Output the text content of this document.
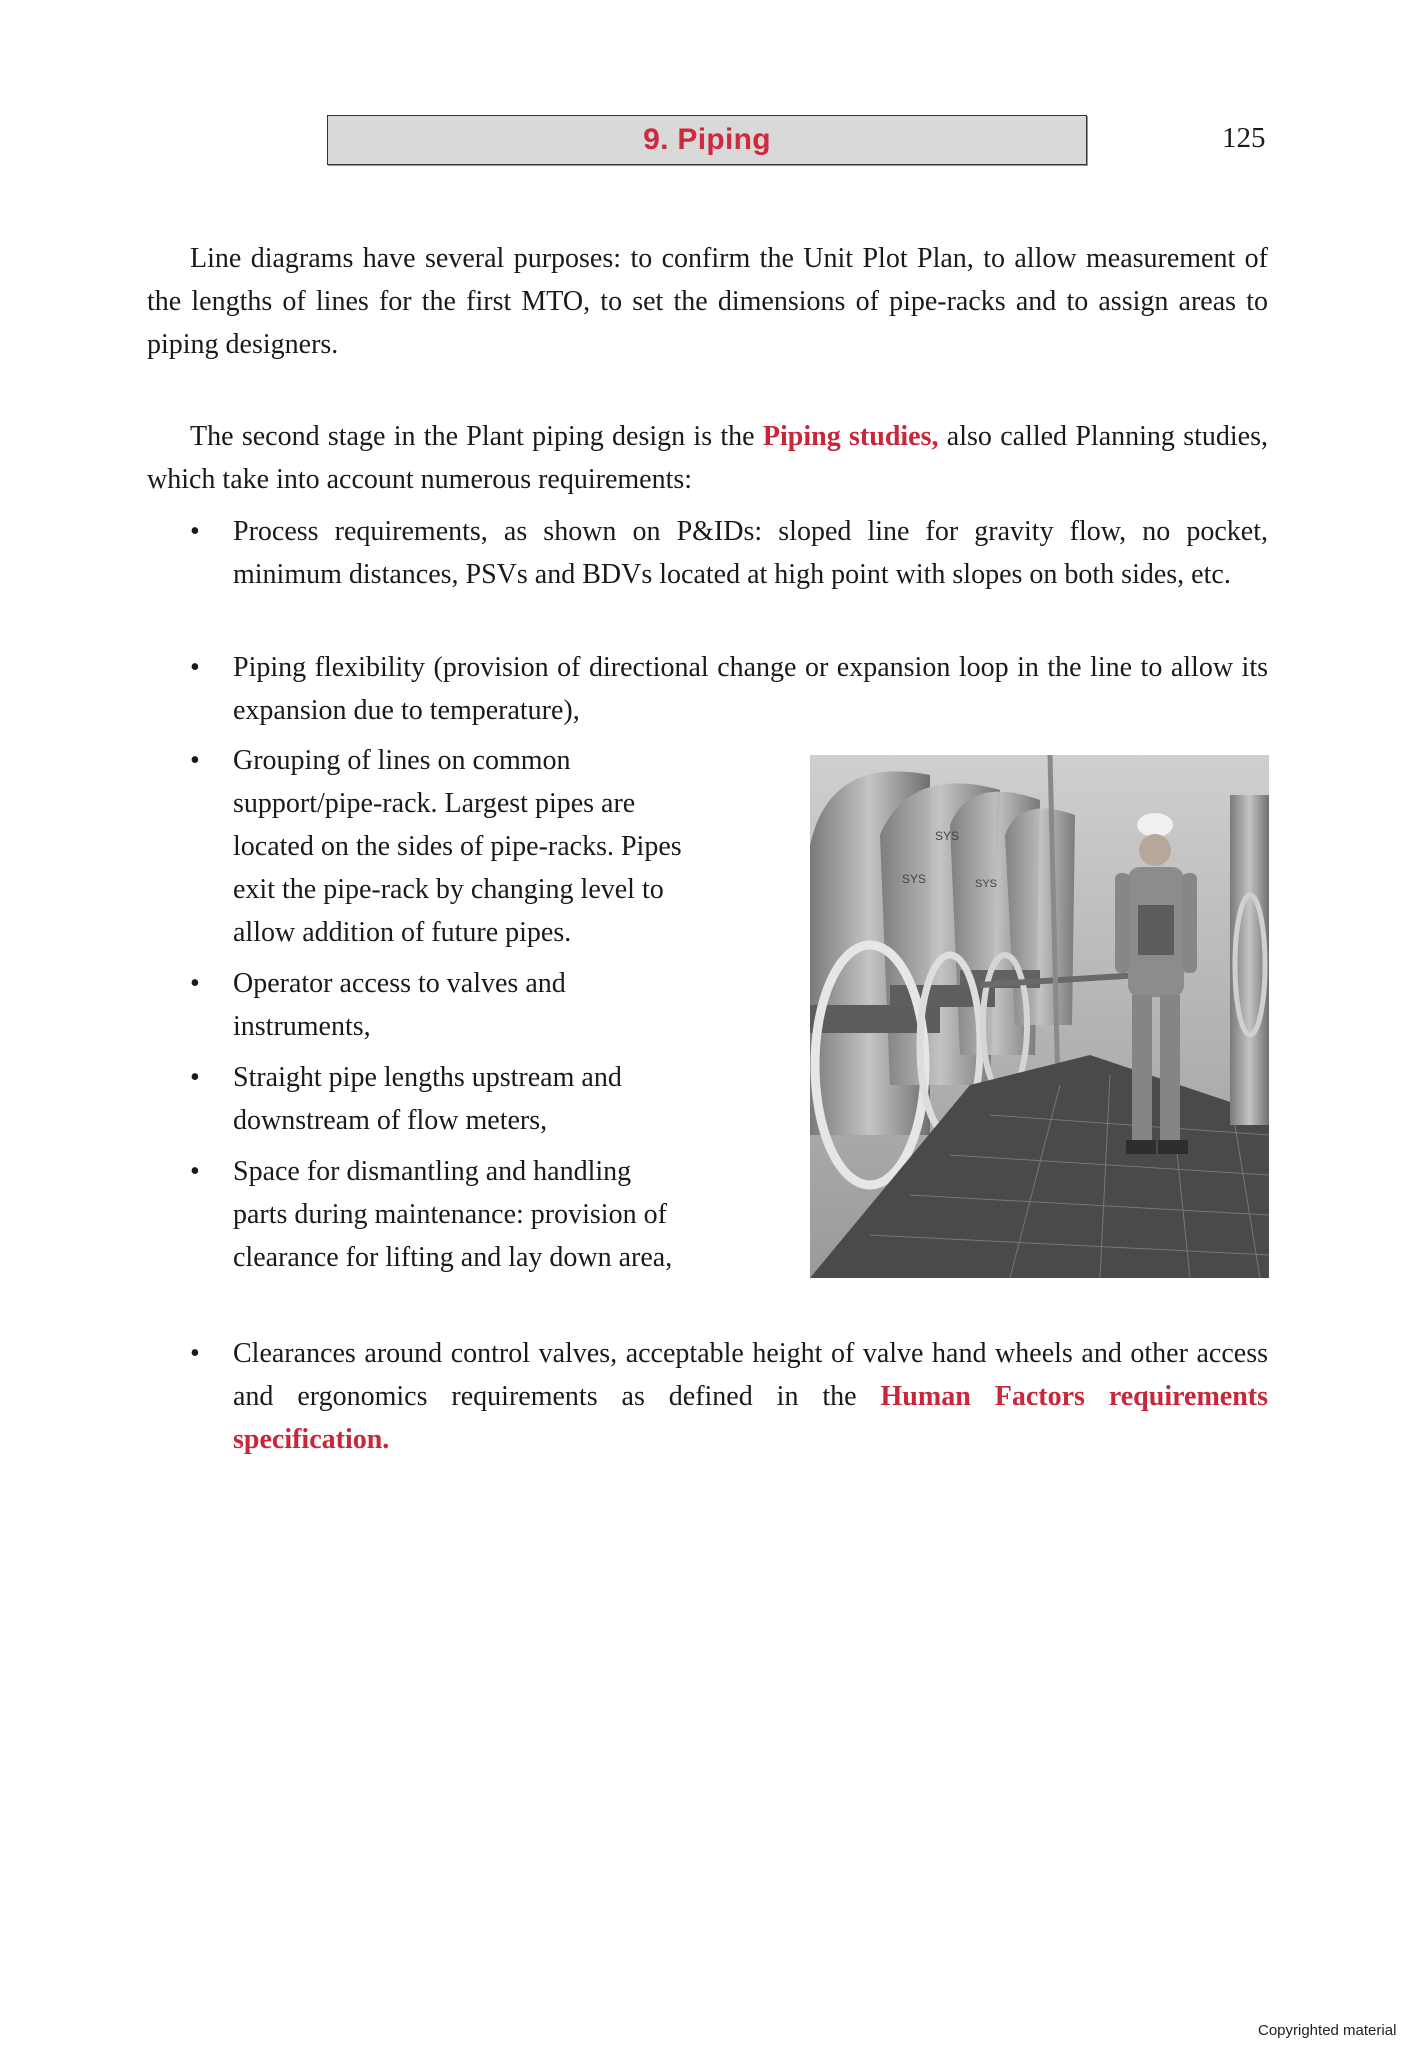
9. Piping	125

Line diagrams have several purposes: to confirm the Unit Plot Plan, to allow measurement of the lengths of lines for the first MTO, to set the dimensions of pipe-racks and to assign areas to piping designers.

The second stage in the Plant piping design is the Piping studies, also called Planning studies, which take into account numerous requirements:

•	Process requirements, as shown on P&IDs: sloped line for gravity flow, no pocket, minimum distances, PSVs and BDVs located at high point with slopes on both sides, etc.

•	Piping flexibility (provision of directional change or expansion loop in the line to allow its expansion due to temperature),

•	Grouping of lines on common support/pipe-rack. Largest pipes are located on the sides of pipe-racks. Pipes exit the pipe-rack by changing level to allow addition of future pipes.

•	Operator access to valves and instruments,

•	Straight pipe lengths upstream and downstream of flow meters,

•	Space for dismantling and handling parts during maintenance: provision of clearance for lifting and lay down area,

•	Clearances around control valves, acceptable height of valve hand wheels and other access and ergonomics requirements as defined in the Human Factors requirements specification.

SYS
SYS	SYS
Copyrighted material
